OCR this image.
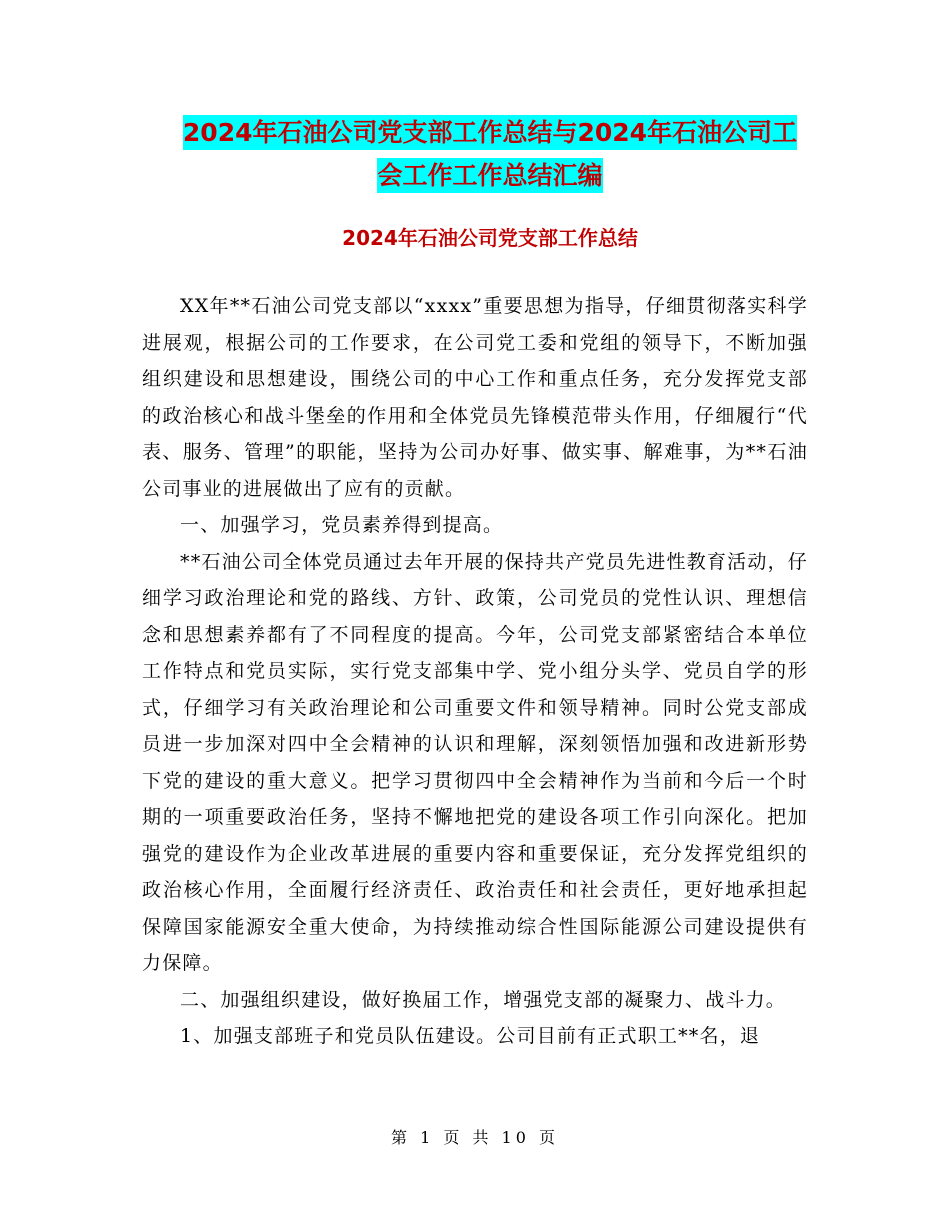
2024年石油公司党支部工作总结与2024年石油公司工
会工作工作总结汇编
2024年石油公司党支部工作总结

XX年**石油公司党支部以“xxxx”重要思想为指导，仔细贯彻落实科学进展观，根据公司的工作要求，在公司党工委和党组的领导下，不断加强组织建设和思想建设，围绕公司的中心工作和重点任务，充分发挥党支部的政治核心和战斗堡垒的作用和全体党员先锋模范带头作用，仔细履行“代表、服务、管理”的职能，坚持为公司办好事、做实事、解难事，为**石油公司事业的进展做出了应有的贡献。

一、加强学习，党员素养得到提高。

**石油公司全体党员通过去年开展的保持共产党员先进性教育活动，仔细学习政治理论和党的路线、方针、政策，公司党员的党性认识、理想信念和思想素养都有了不同程度的提高。今年，公司党支部紧密结合本单位工作特点和党员实际，实行党支部集中学、党小组分头学、党员自学的形式，仔细学习有关政治理论和公司重要文件和领导精神。同时公党支部成员进一步加深对四中全会精神的认识和理解，深刻领悟加强和改进新形势下党的建设的重大意义。把学习贯彻四中全会精神作为当前和今后一个时期的一项重要政治任务，坚持不懈地把党的建设各项工作引向深化。把加强党的建设作为企业改革进展的重要内容和重要保证，充分发挥党组织的政治核心作用，全面履行经济责任、政治责任和社会责任，更好地承担起保障国家能源安全重大使命，为持续推动综合性国际能源公司建设提供有力保障。

二、加强组织建设，做好换届工作，增强党支部的凝聚力、战斗力。

1、加强支部班子和党员队伍建设。公司目前有正式职工**名，退

第 1 页 共 10 页
